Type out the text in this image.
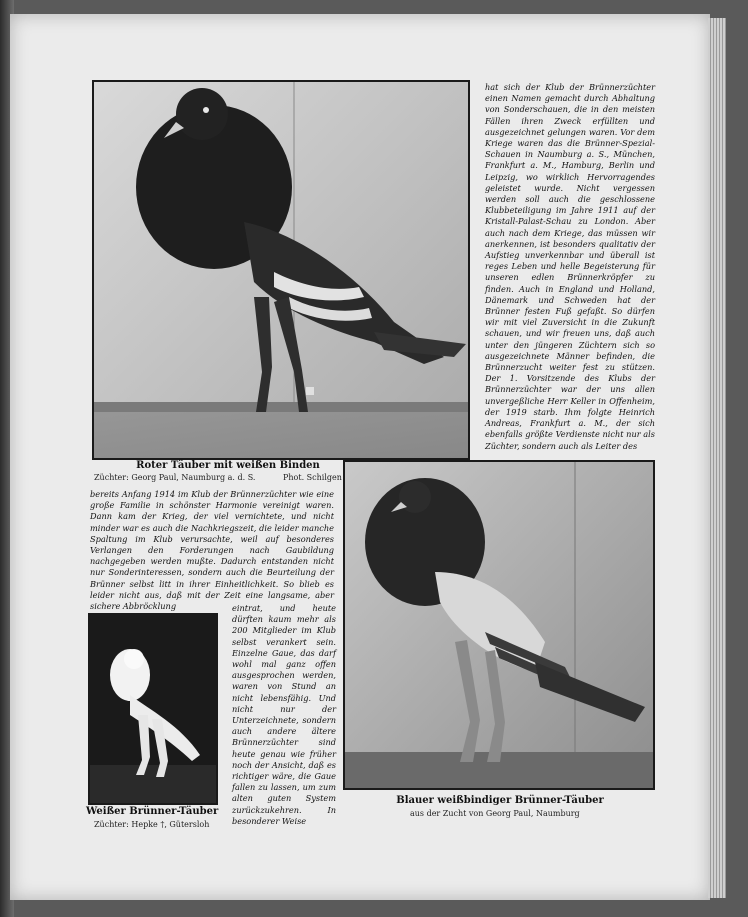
Roter Täuber mit weißen Binden
Züchter: Georg Paul, Naumburg a. d. S.	Phot. Schilgen

hat sich der Klub der Brünnerzüchter einen Namen gemacht durch Abhaltung von Sonderschauen, die in den meisten Fällen ihren Zweck erfüllten und ausgezeichnet gelungen waren. Vor dem Kriege waren das die Brünner-Spezial-Schauen in Naumburg a. S., München, Frankfurt a. M., Hamburg, Berlin und Leipzig, wo wirklich Hervorragendes geleistet wurde. Nicht vergessen werden soll auch die geschlossene Klubbeteiligung im Jahre 1911 auf der Kristall-Palast-Schau zu London. Aber auch nach dem Kriege, das müssen wir anerkennen, ist besonders qualitativ der Aufstieg unverkennbar und überall ist reges Leben und helle Begeisterung für unseren edlen Brünnerkröpfer zu finden. Auch in England und Holland, Dänemark und Schweden hat der Brünner festen Fuß gefaßt. So dürfen wir mit viel Zuversicht in die Zukunft schauen, und wir freuen uns, daß auch unter den jüngeren Züchtern sich so ausgezeichnete Männer befinden, die Brünnerzucht weiter fest zu stützen. Der 1. Vorsitzende des Klubs der Brünnerzüchter war der uns allen unvergeßliche Herr Keller in Offenheim, der 1919 starb. Ihm folgte Heinrich Andreas, Frankfurt a. M., der sich ebenfalls größte Verdienste nicht nur als Züchter, sondern auch als Leiter des

bereits Anfang 1914 im Klub der Brünnerzüchter wie eine große Familie in schönster Harmonie vereinigt waren. Dann kam der Krieg, der viel vernichtete, und nicht minder war es auch die Nachkriegszeit, die leider manche Spaltung im Klub verursachte, weil auf besonderes Verlangen den Forderungen nach Gaubildung nachgegeben werden mußte. Dadurch entstanden nicht nur Sonderinteressen, sondern auch die Beurteilung der Brünner selbst litt in ihrer Einheitlichkeit. So blieb es leider nicht aus, daß mit der Zeit eine langsame, aber sichere Abbröcklung

Weißer Brünner-Täuber
Züchter: Hepke †, Gütersloh

eintrat, und heute dürften kaum mehr als 200 Mitglieder im Klub selbst verankert sein. Einzelne Gaue, das darf wohl mal ganz offen ausgesprochen werden, waren von Stund an nicht lebensfähig. Und nicht nur der Unterzeichnete, sondern auch andere ältere Brünnerzüchter sind heute genau wie früher noch der Ansicht, daß es richtiger wäre, die Gaue fallen zu lassen, um zum alten guten System zurückzukehren. In besonderer Weise

Blauer weißbindiger Brünner-Täuber
aus der Zucht von Georg Paul, Naumburg
